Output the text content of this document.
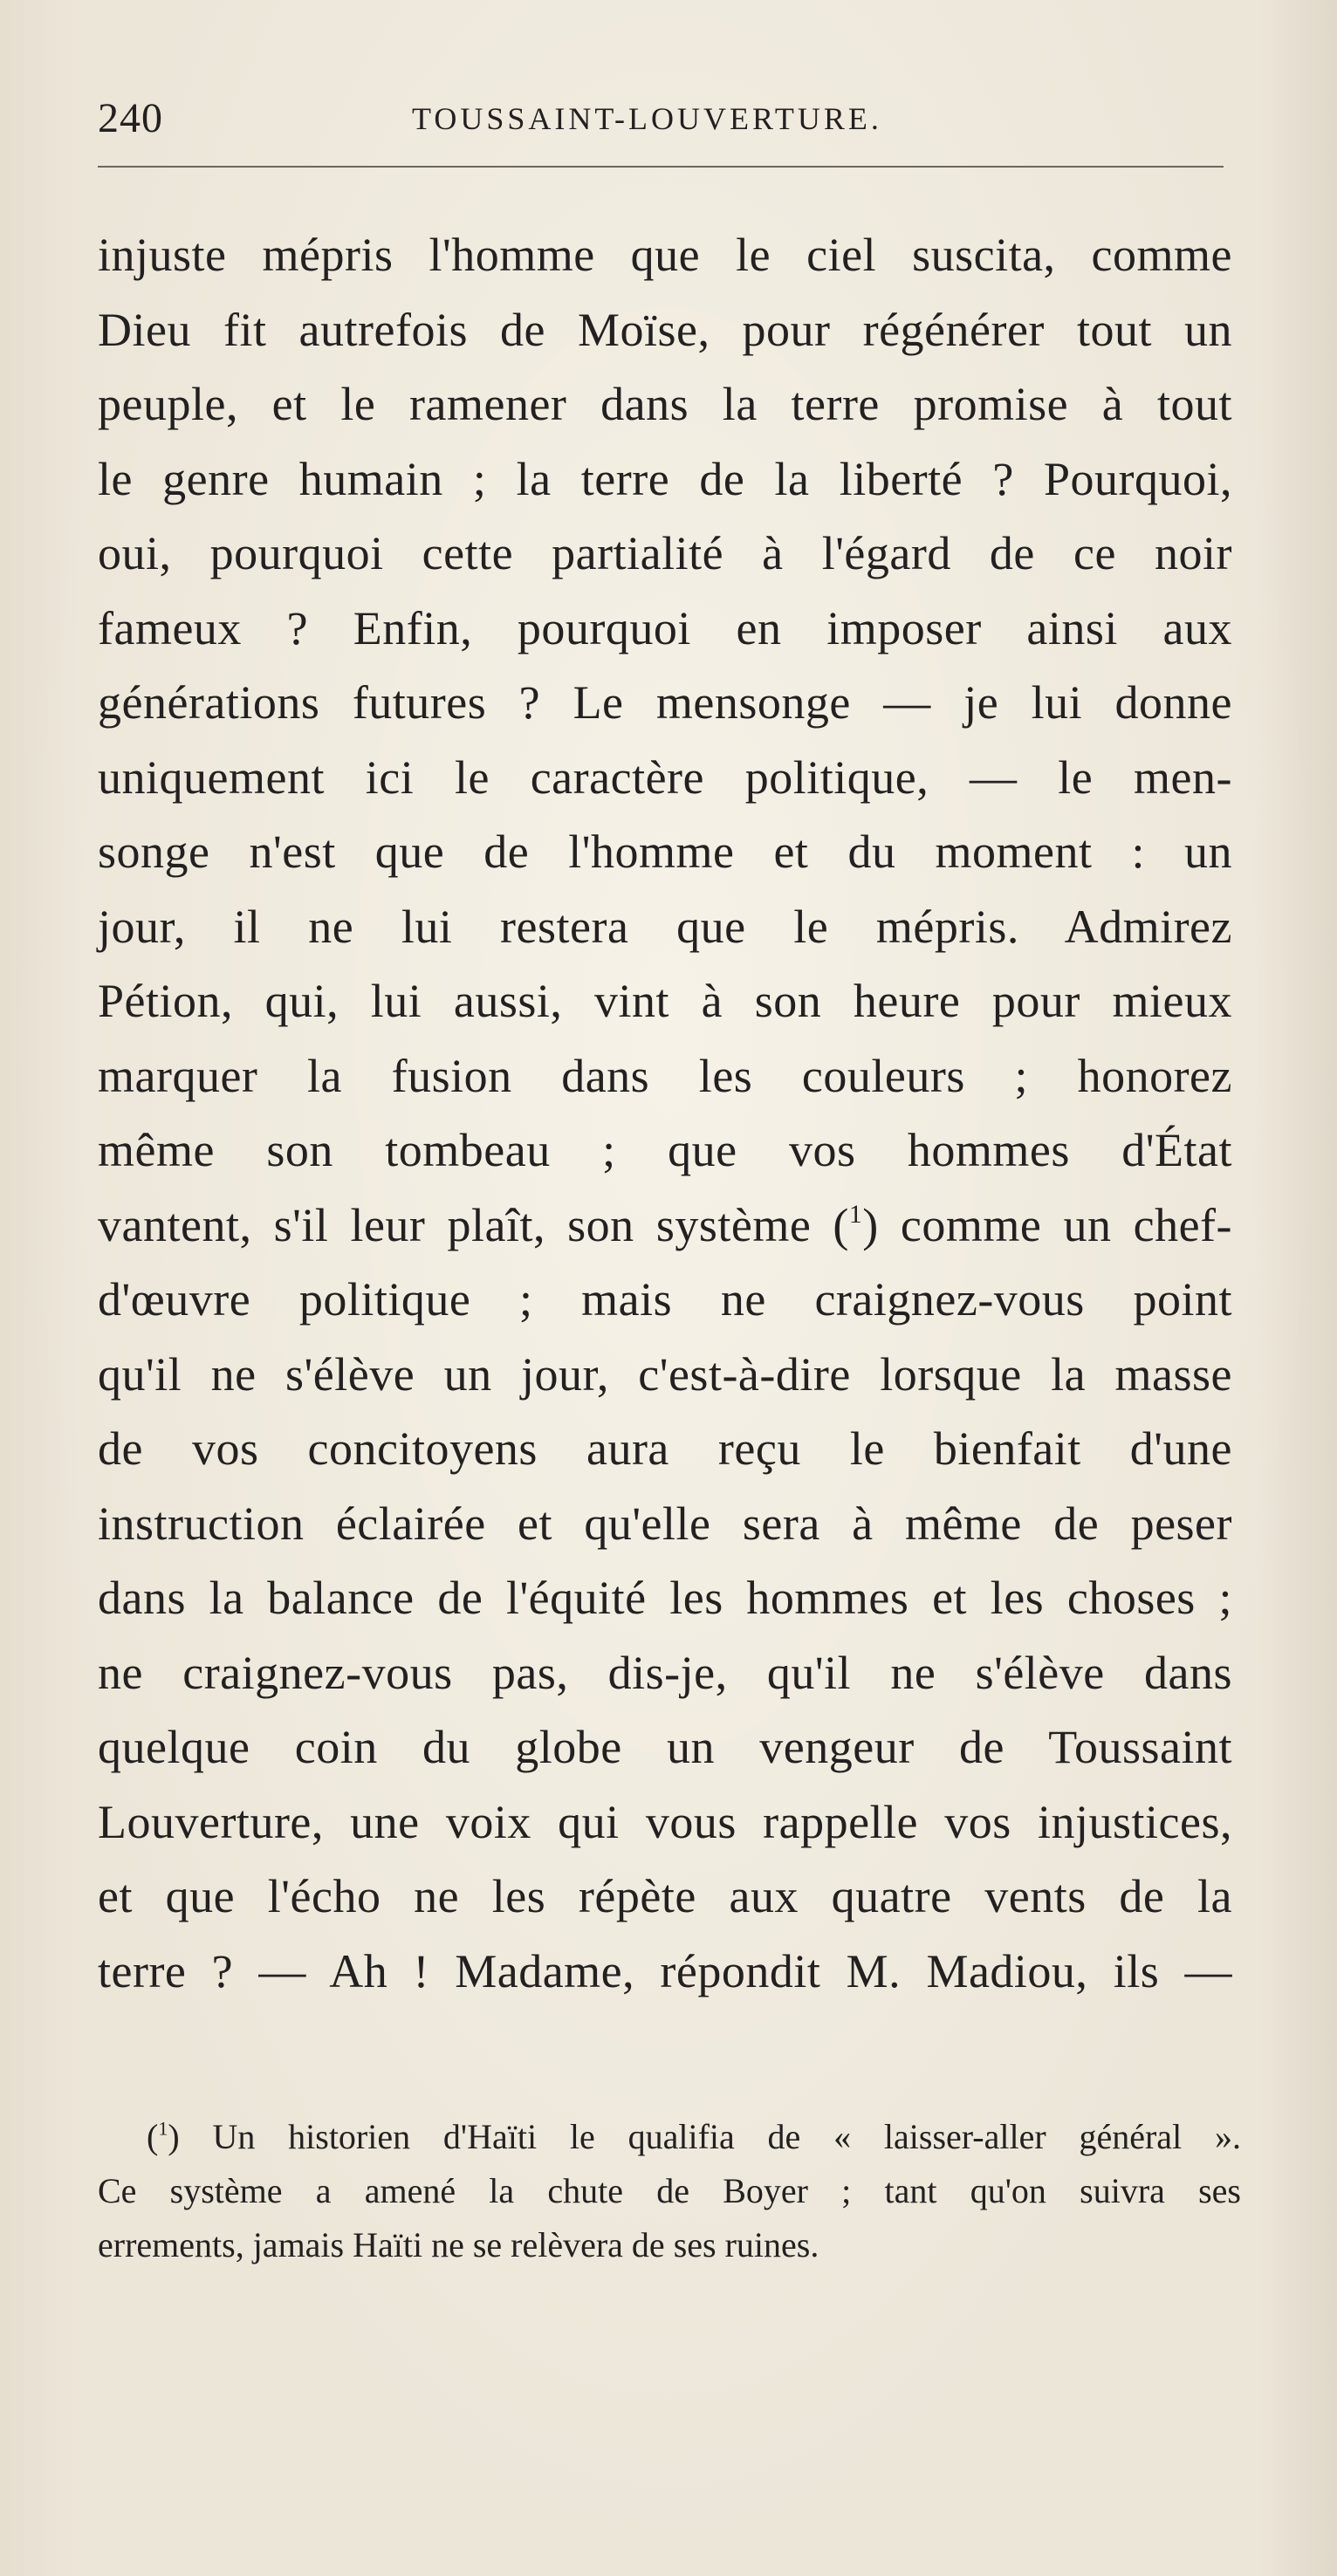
240	TOUSSAINT-LOUVERTURE.
injuste mépris l'homme que le ciel suscita, comme
Dieu fit autrefois de Moïse, pour régénérer tout un
peuple, et le ramener dans la terre promise à tout
le genre humain ; la terre de la liberté ? Pourquoi,
oui, pourquoi cette partialité à l'égard de ce noir
fameux ? Enfin, pourquoi en imposer ainsi aux
générations futures ? Le mensonge — je lui donne
uniquement ici le caractère politique, — le men-
songe n'est que de l'homme et du moment : un
jour, il ne lui restera que le mépris. Admirez
Pétion, qui, lui aussi, vint à son heure pour mieux
marquer la fusion dans les couleurs ; honorez
même son tombeau ; que vos hommes d'État
vantent, s'il leur plaît, son système ($^1$) comme un chef-
d'œuvre politique ; mais ne craignez-vous point
qu'il ne s'élève un jour, c'est-à-dire lorsque la masse
de vos concitoyens aura reçu le bienfait d'une
instruction éclairée et qu'elle sera à même de peser
dans la balance de l'équité les hommes et les choses ;
ne craignez-vous pas, dis-je, qu'il ne s'élève dans
quelque coin du globe un vengeur de Toussaint
Louverture, une voix qui vous rappelle vos injustices,
et que l'écho ne les répète aux quatre vents de la
terre ? — Ah ! Madame, répondit M. Madiou, ils —
($^1$) Un historien d'Haïti le qualifia de « laisser-aller général ».
Ce système a amené la chute de Boyer ; tant qu'on suivra ses
errements, jamais Haïti ne se relèvera de ses ruines.
